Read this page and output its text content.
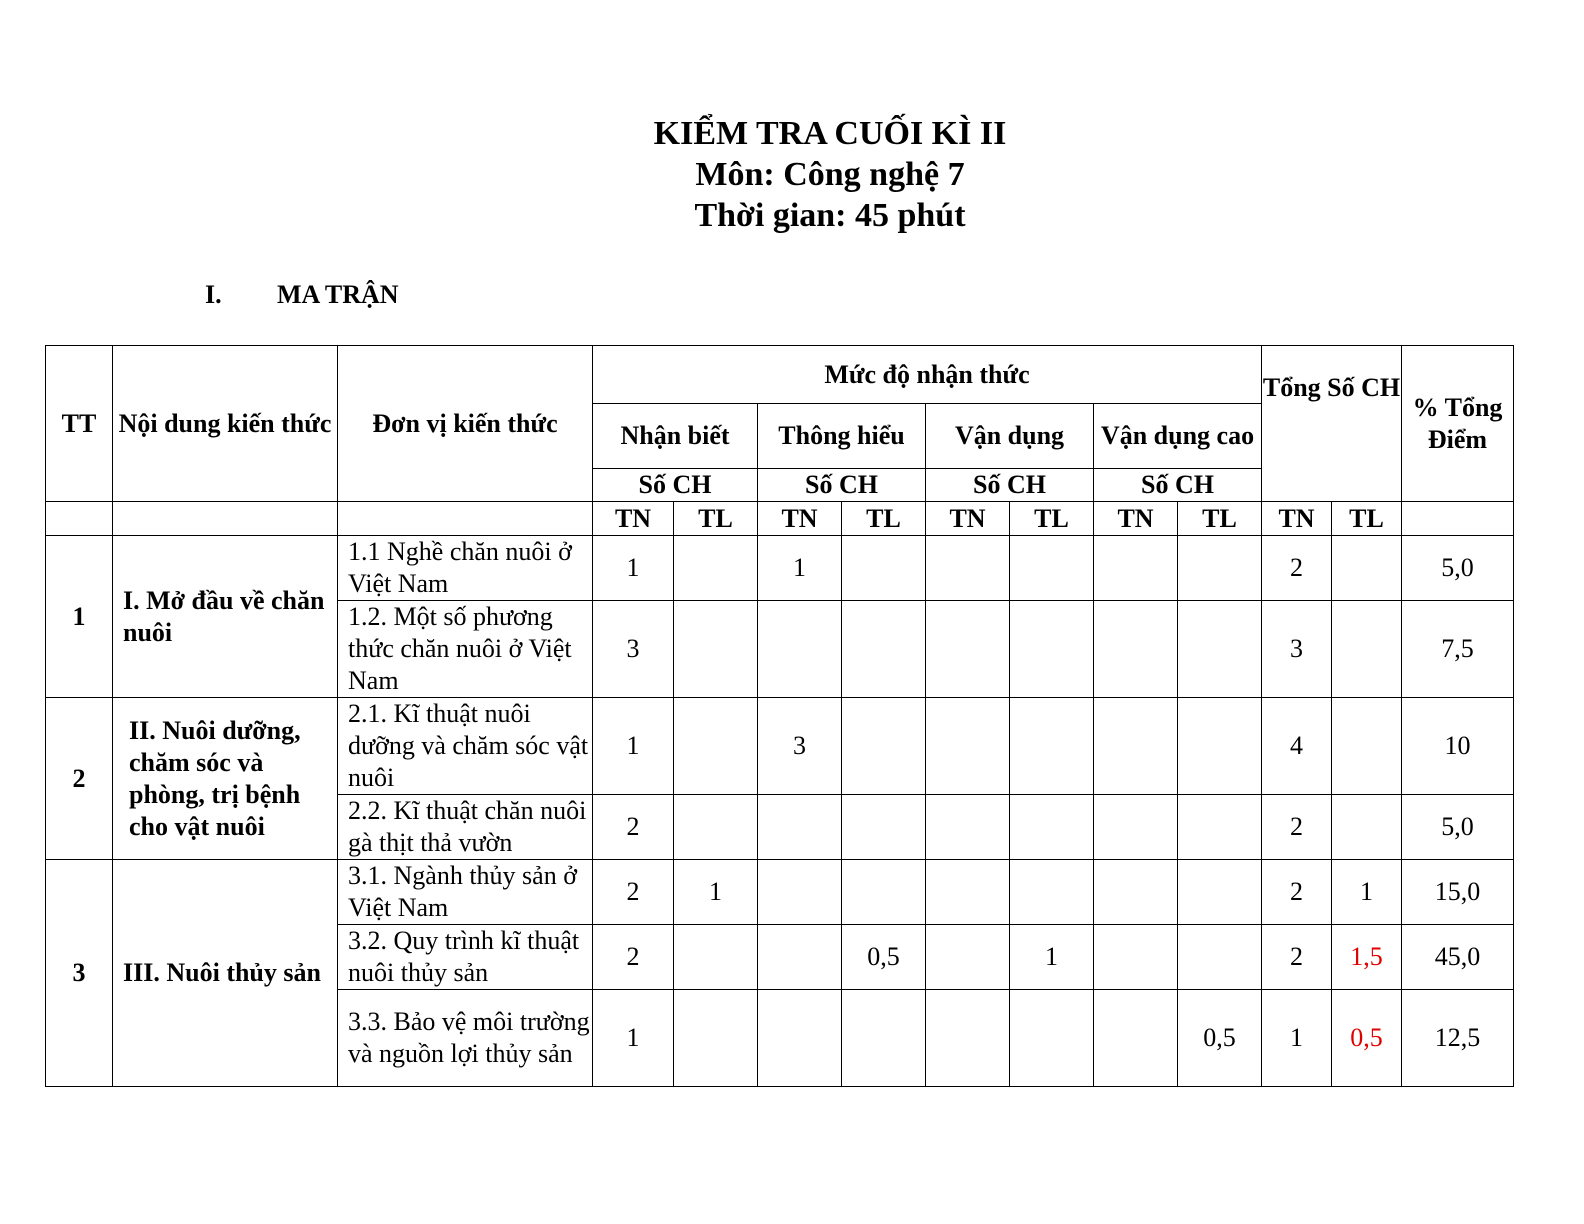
KIỂM TRA CUỐI KÌ II
Môn: Công nghệ 7
Thời gian: 45 phút
I. MA TRẬN
TT	Nội dung kiến thức	Đơn vị kiến thức	Mức độ nhận thức								Tổng Số CH		% Tổng Điểm
			Nhận biết		Thông hiểu		Vận dụng		Vận dụng cao				
			Số CH		Số CH		Số CH		Số CH				
			TN	TL	TN	TL	TN	TL	TN	TL	TN	TL	
1	I. Mở đầu về chăn nuôi	1.1 Nghề chăn nuôi ở Việt Nam	1		1						2		5,0
		1.2. Một số phương thức chăn nuôi ở Việt Nam	3								3		7,5
2	II. Nuôi dưỡng, chăm sóc và phòng, trị bệnh cho vật nuôi	2.1. Kĩ thuật nuôi dưỡng và chăm sóc vật nuôi	1		3						4		10
		2.2. Kĩ thuật chăn nuôi gà thịt thả vườn	2								2		5,0
3	III. Nuôi thủy sản	3.1. Ngành thủy sản ở Việt Nam	2	1							2	1	15,0
		3.2. Quy trình kĩ thuật nuôi thủy sản	2			0,5		1			2	1,5	45,0
		3.3. Bảo vệ môi trường và nguồn lợi thủy sản	1							0,5	1	0,5	12,5
